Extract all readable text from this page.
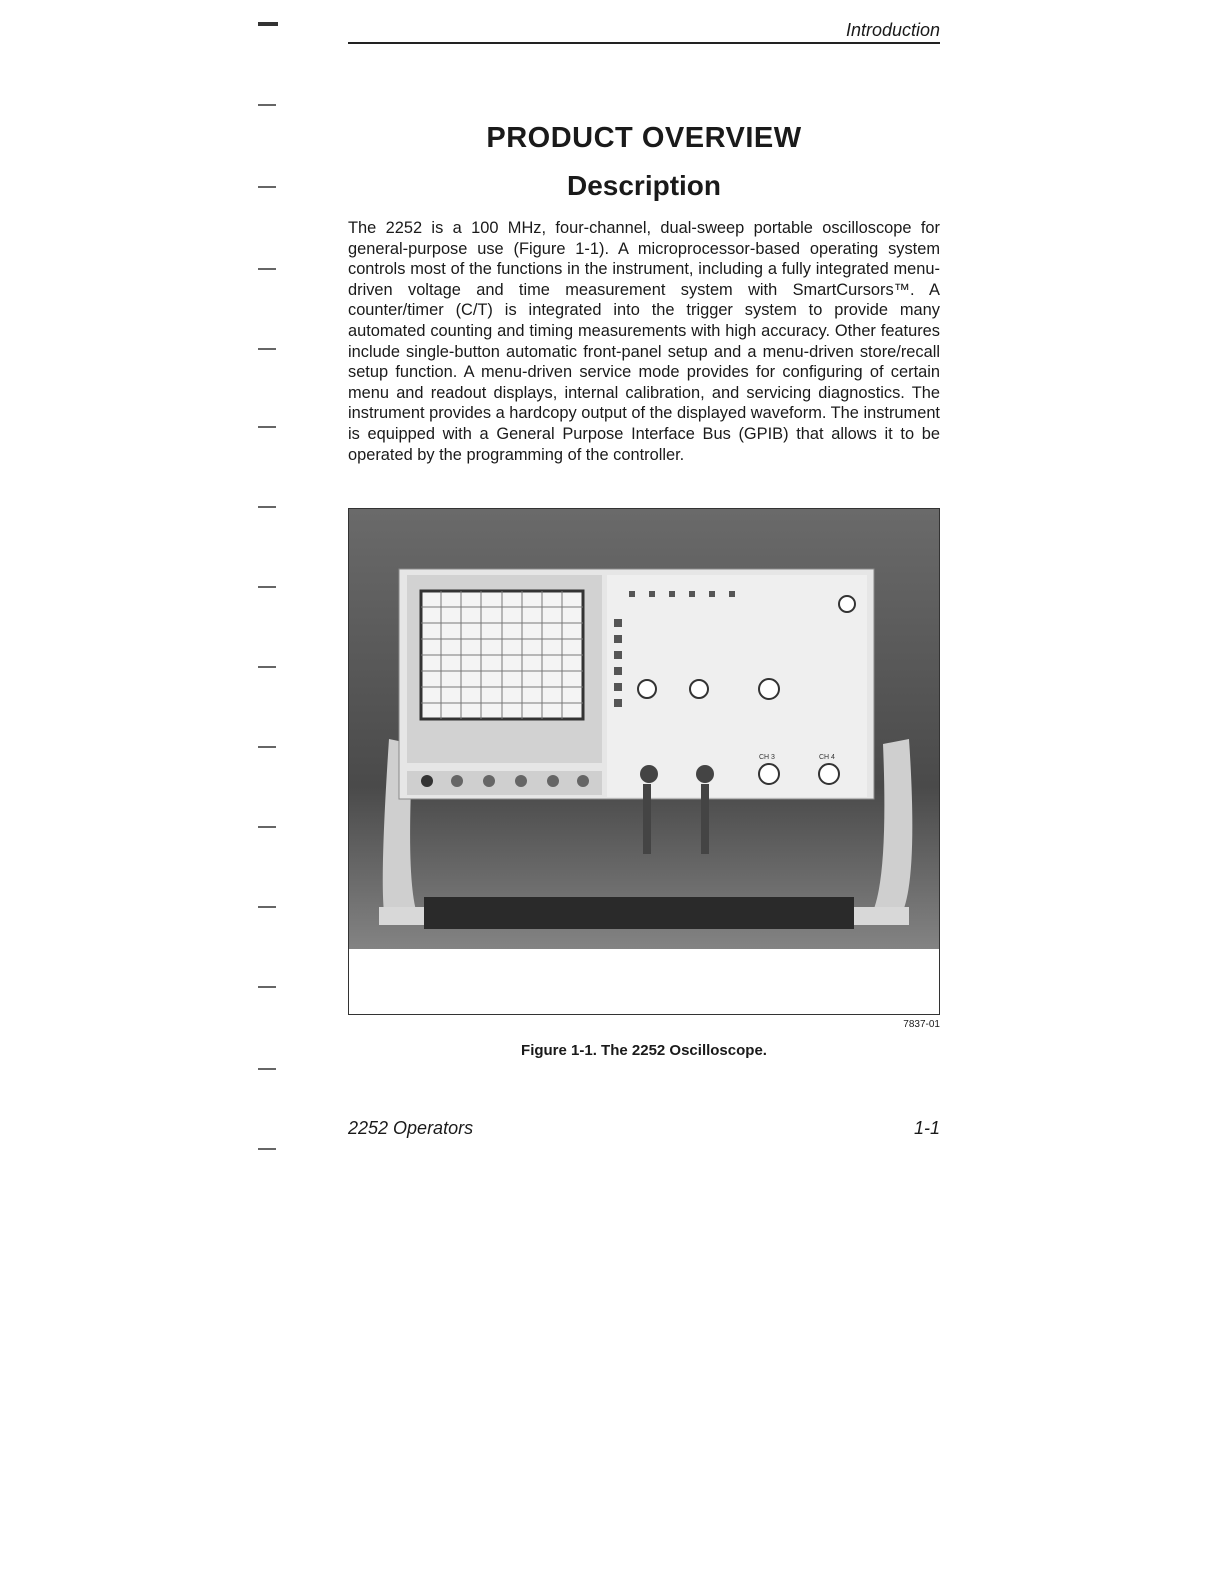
Introduction
PRODUCT OVERVIEW
Description
The 2252 is a 100 MHz, four-channel, dual-sweep portable oscilloscope for general-purpose use (Figure 1-1). A microprocessor-based operating system controls most of the functions in the instrument, including a fully integrated menu-driven voltage and time measurement system with SmartCursors™. A counter/timer (C/T) is integrated into the trigger system to provide many automated counting and timing measurements with high accuracy. Other features include single-button automatic front-panel setup and a menu-driven store/recall setup function. A menu-driven service mode provides for configuring of certain menu and readout displays, internal calibration, and servicing diagnostics. The instrument provides a hardcopy output of the displayed waveform. The instrument is equipped with a General Purpose Interface Bus (GPIB) that allows it to be operated by the programming of the controller.
CH 3	CH 4
7837-01
Figure 1-1. The 2252 Oscilloscope.
2252 Operators	1-1
